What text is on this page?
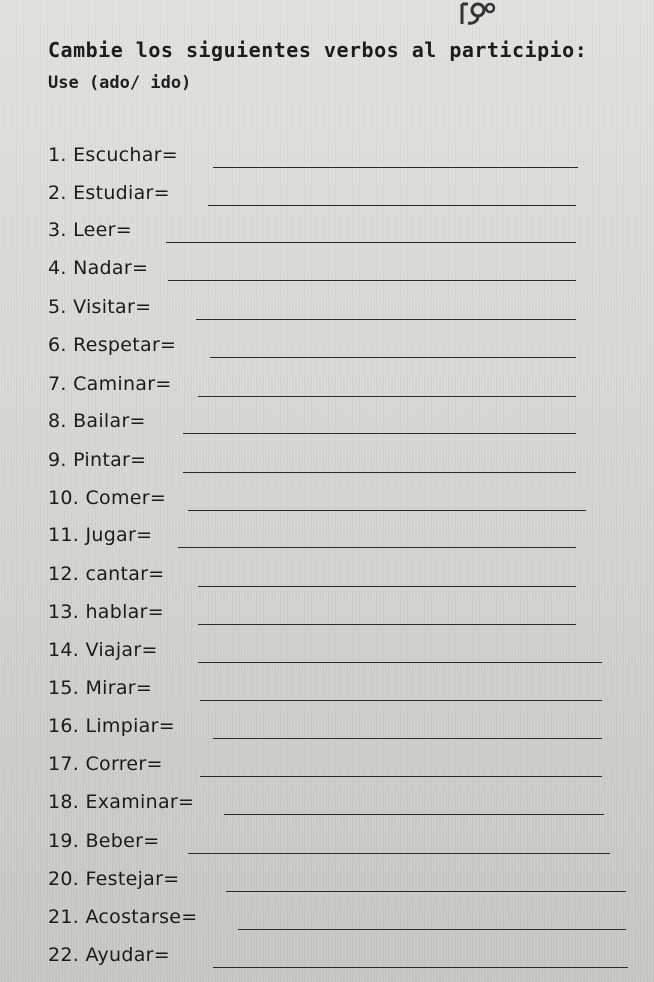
Cambie los siguientes verbos al participio:
Use (ado/ ido)
1. Escuchar=
2. Estudiar=
3. Leer=
4. Nadar=
5. Visitar=
6. Respetar=
7. Caminar=
8. Bailar=
9. Pintar=
10. Comer=
11. Jugar=
12. cantar=
13. hablar=
14. Viajar=
15. Mirar=
16. Limpiar=
17. Correr=
18. Examinar=
19. Beber=
20. Festejar=
21. Acostarse=
22. Ayudar=
